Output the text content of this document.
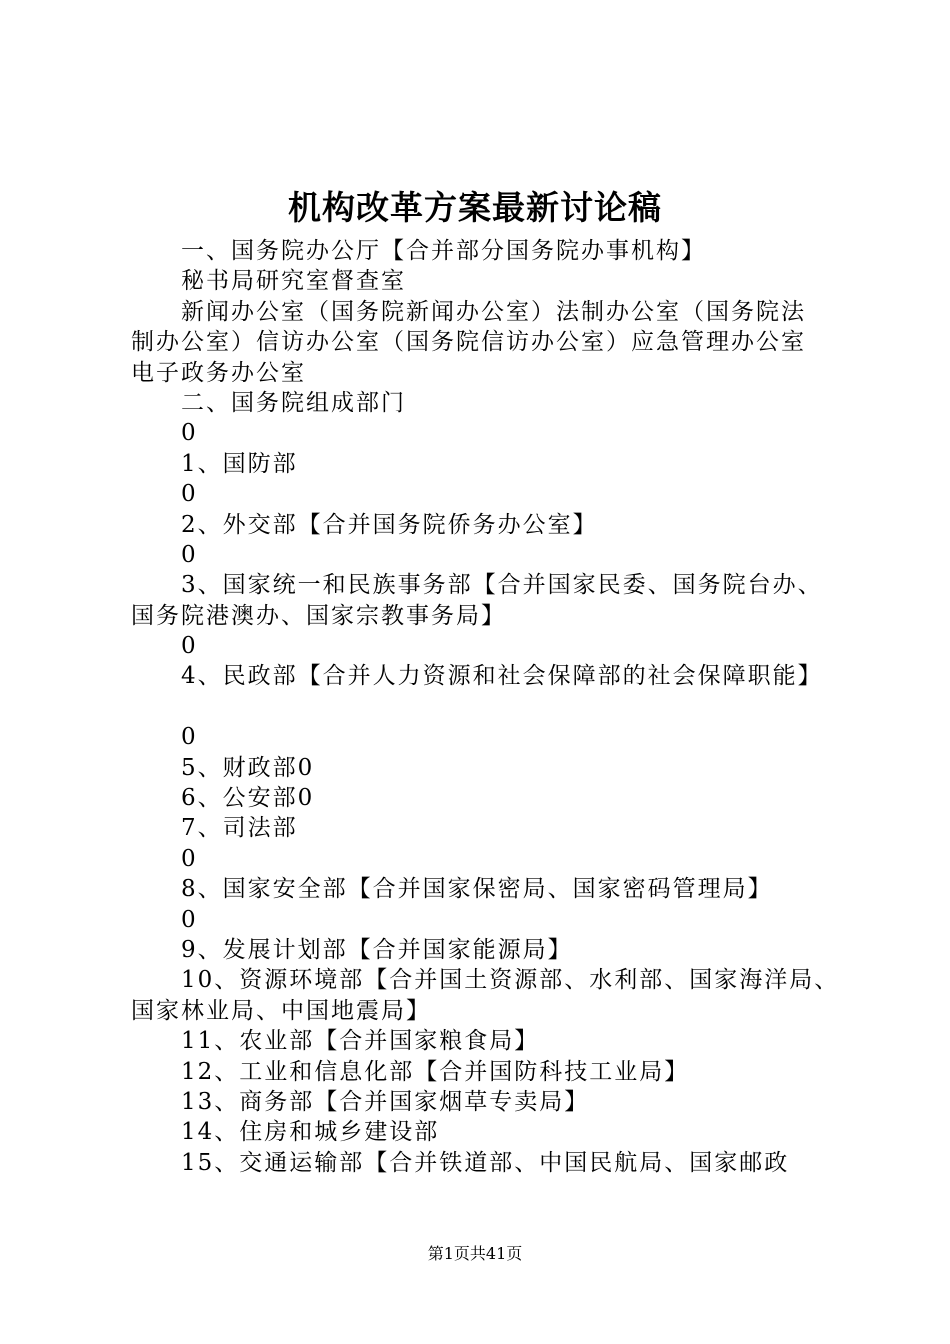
机构改革方案最新讨论稿

一、国务院办公厅【合并部分国务院办事机构】

秘书局研究室督查室

新闻办公室（国务院新闻办公室）法制办公室（国务院法

制办公室）信访办公室（国务院信访办公室）应急管理办公室

电子政务办公室

二、国务院组成部门

0

1、国防部

0

2、外交部【合并国务院侨务办公室】

0

3、国家统一和民族事务部【合并国家民委、国务院台办、

国务院港澳办、国家宗教事务局】

0

4、民政部【合并人力资源和社会保障部的社会保障职能】

0

5、财政部0

6、公安部0

7、司法部

0

8、国家安全部【合并国家保密局、国家密码管理局】

0

9、发展计划部【合并国家能源局】

10、资源环境部【合并国土资源部、水利部、国家海洋局、

国家林业局、中国地震局】

11、农业部【合并国家粮食局】

12、工业和信息化部【合并国防科技工业局】

13、商务部【合并国家烟草专卖局】

14、住房和城乡建设部

15、交通运输部【合并铁道部、中国民航局、国家邮政

第1页共41页
